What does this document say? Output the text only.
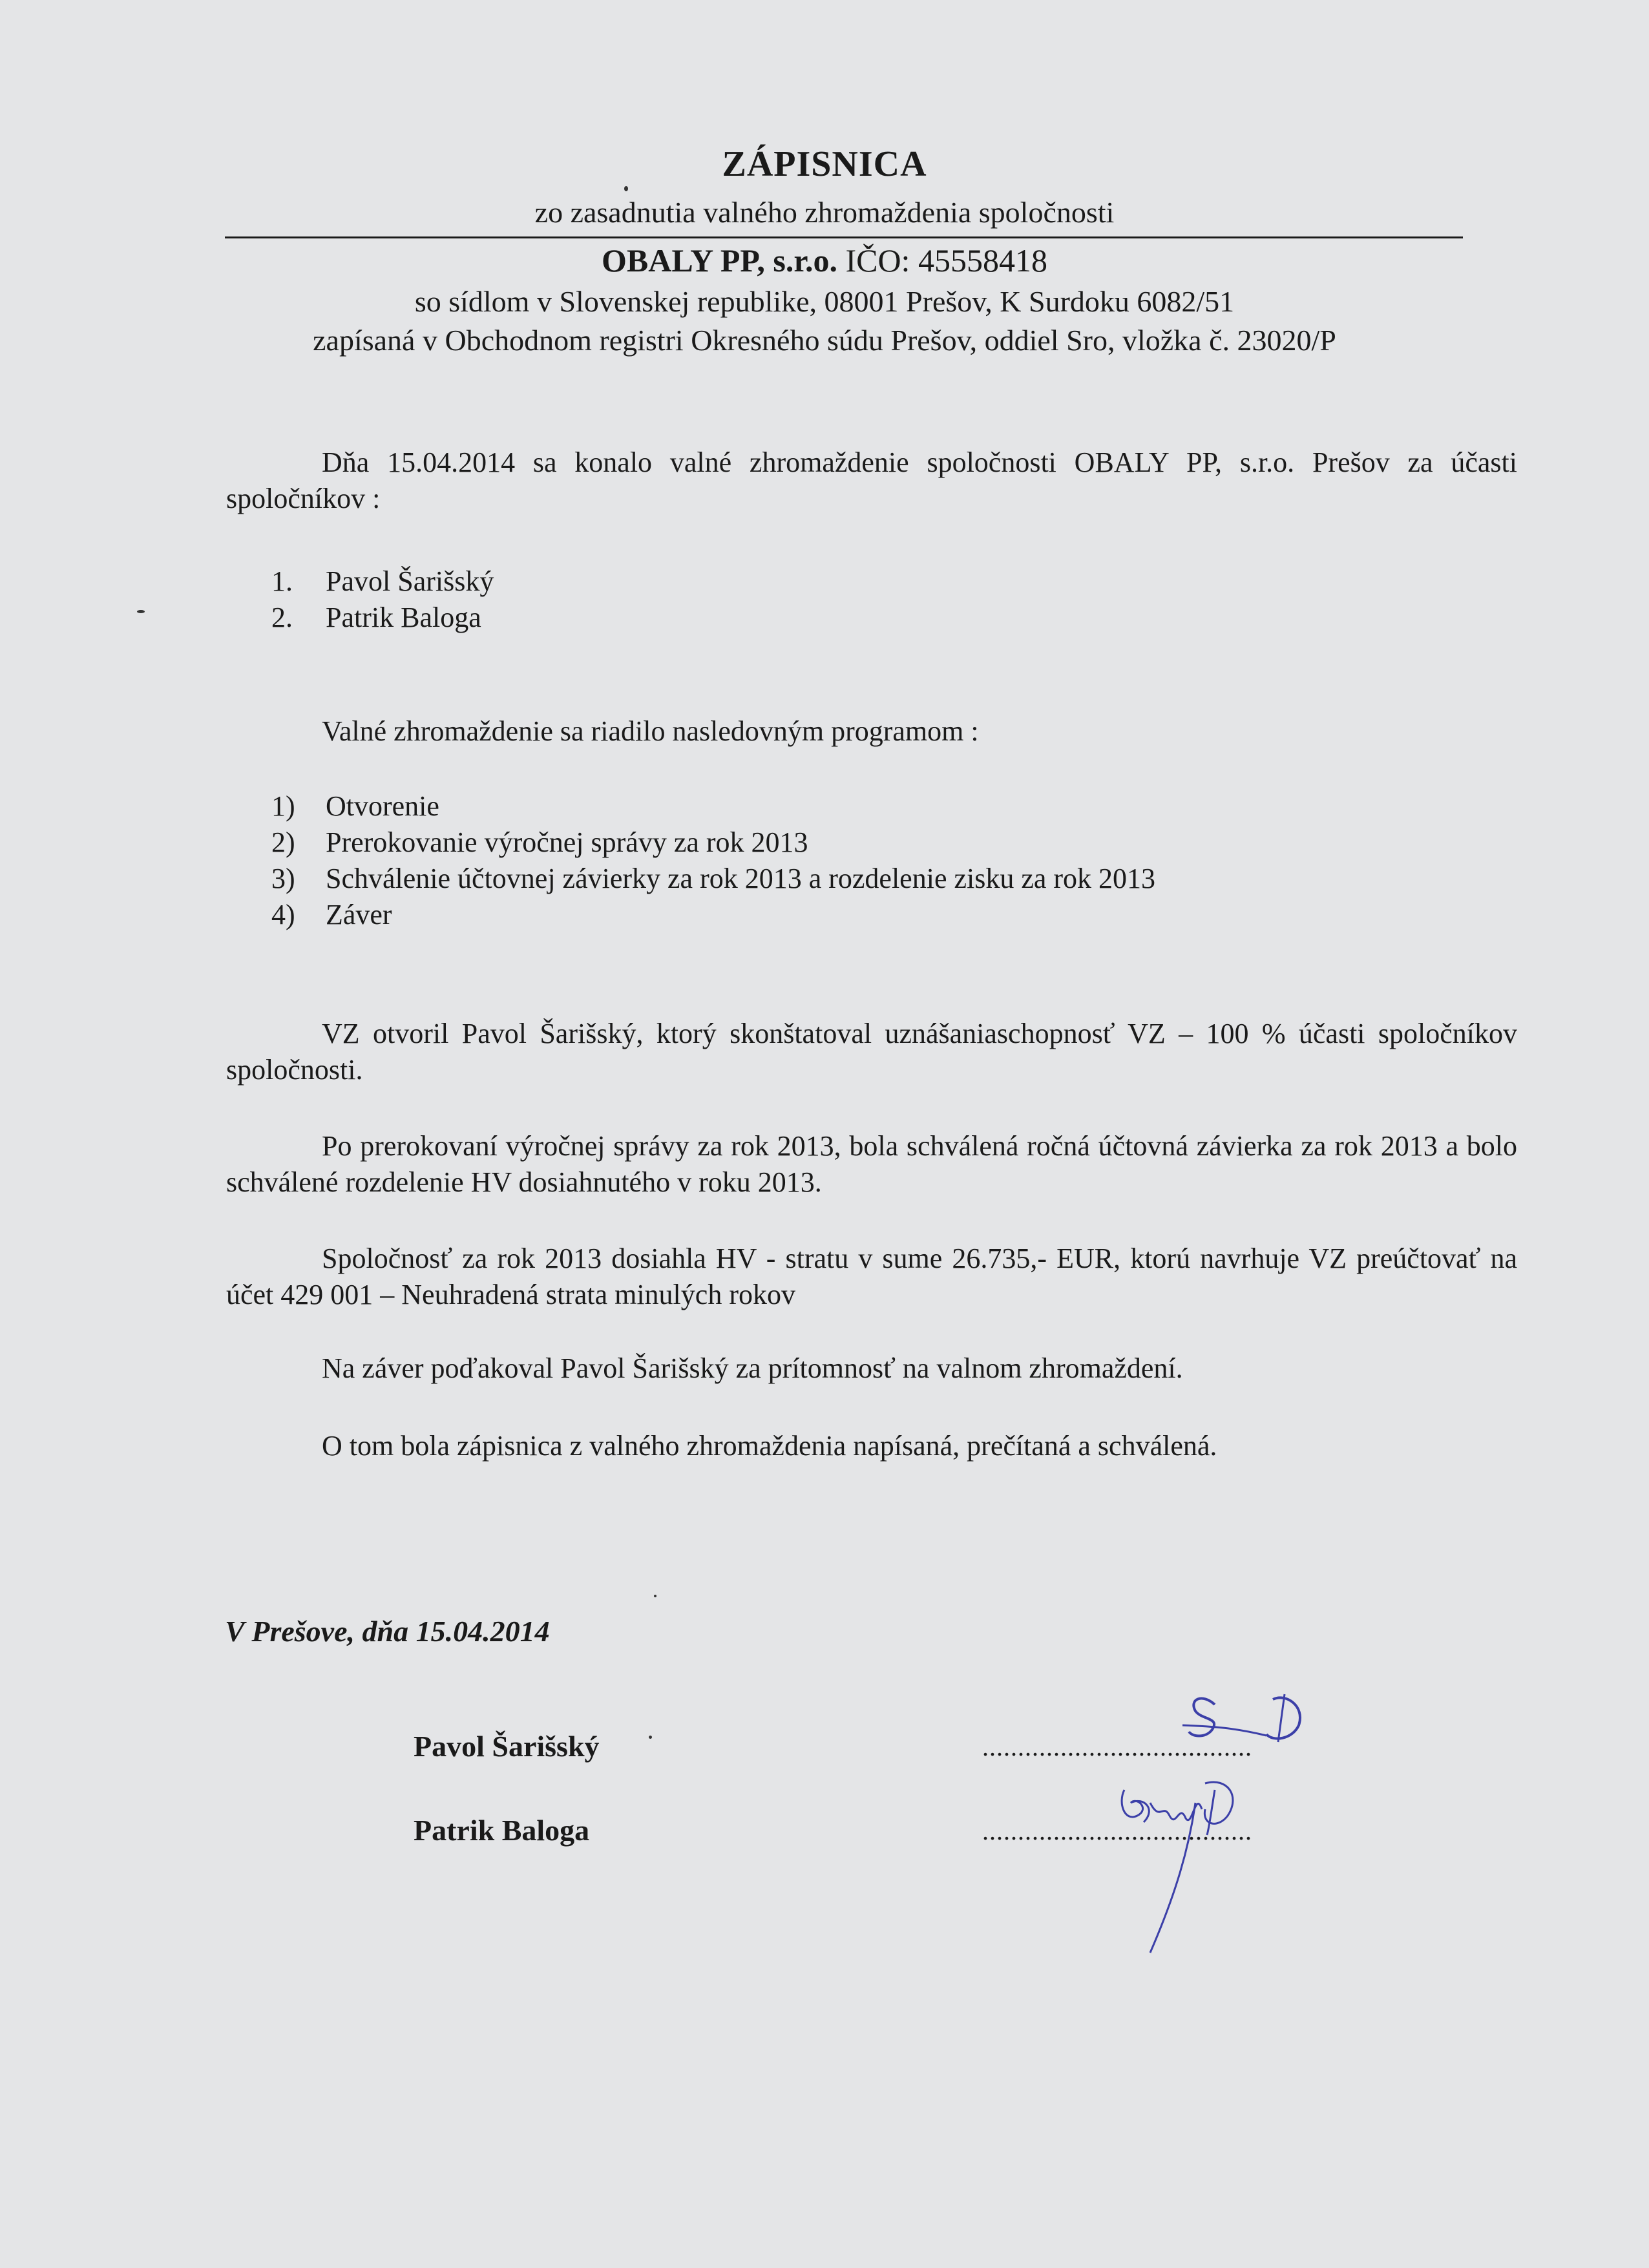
ZÁPISNICA
zo zasadnutia valného zhromaždenia spoločnosti
OBALY PP, s.r.o. IČO: 45558418
so sídlom v Slovenskej republike, 08001 Prešov, K Surdoku 6082/51
zapísaná v Obchodnom registri Okresného súdu Prešov, oddiel Sro, vložka č. 23020/P
Dňa 15.04.2014 sa konalo valné zhromaždenie spoločnosti OBALY PP, s.r.o. Prešov za účasti spoločníkov :
1.	Pavol Šarišský
2.	Patrik Baloga
Valné zhromaždenie sa riadilo nasledovným programom :
1)	Otvorenie
2)	Prerokovanie výročnej správy za rok 2013
3)	Schválenie účtovnej závierky za rok 2013 a rozdelenie zisku za rok 2013
4)	Záver
VZ otvoril Pavol Šarišský, ktorý skonštatoval uznášaniaschopnosť VZ – 100 % účasti spoločníkov spoločnosti.
Po prerokovaní výročnej správy za rok 2013, bola schválená ročná účtovná závierka za rok 2013 a bolo schválené rozdelenie HV dosiahnutého v roku 2013.
Spoločnosť za rok 2013 dosiahla HV - stratu v sume 26.735,- EUR, ktorú navrhuje VZ preúčtovať na účet 429 001 – Neuhradená strata minulých rokov
Na záver poďakoval Pavol Šarišský za prítomnosť na valnom zhromaždení.
O tom bola zápisnica z valného zhromaždenia napísaná, prečítaná a schválená.
V Prešove, dňa 15.04.2014
Pavol Šarišský	......................................
Patrik Baloga	......................................
